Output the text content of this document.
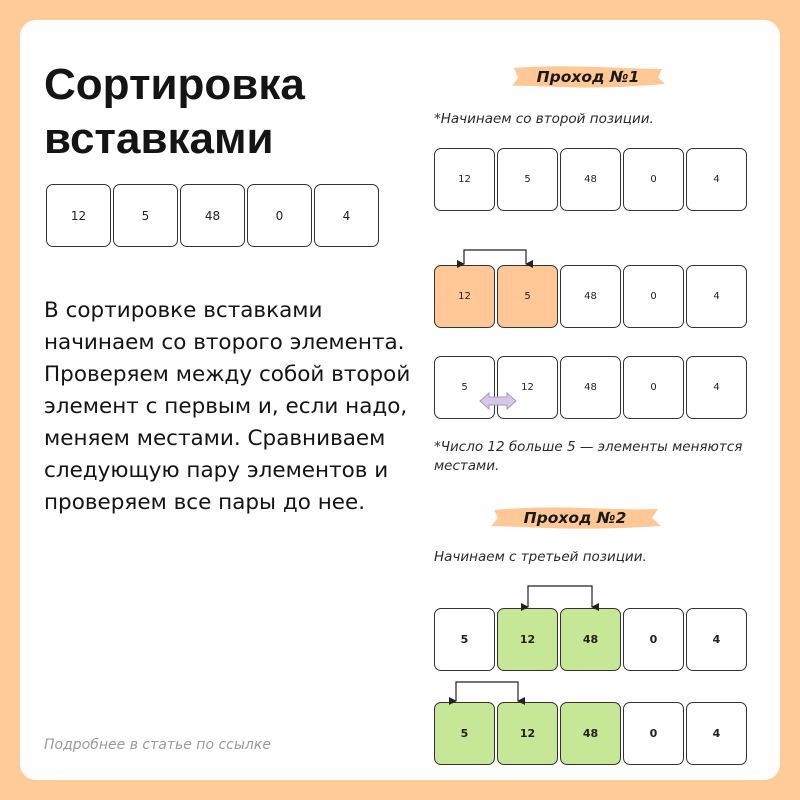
Сортировка
вставками
12	5	48	0	4

В сортировке вставками начинаем со второго элемента. Проверяем между собой второй элемент с первым и, если надо, меняем местами. Сравниваем следующую пару элементов и проверяем все пары до нее.

Подробнее в статье по ссылке
Проход №1

*Начинаем со второй позиции.

12	5	48	0	4
12	5	48	0	4
5	12	48	0	4

*Число 12 больше 5 — элементы меняются местами.

Проход №2

Начинаем с третьей позиции.

5	12	48	0	4
5	12	48	0	4
